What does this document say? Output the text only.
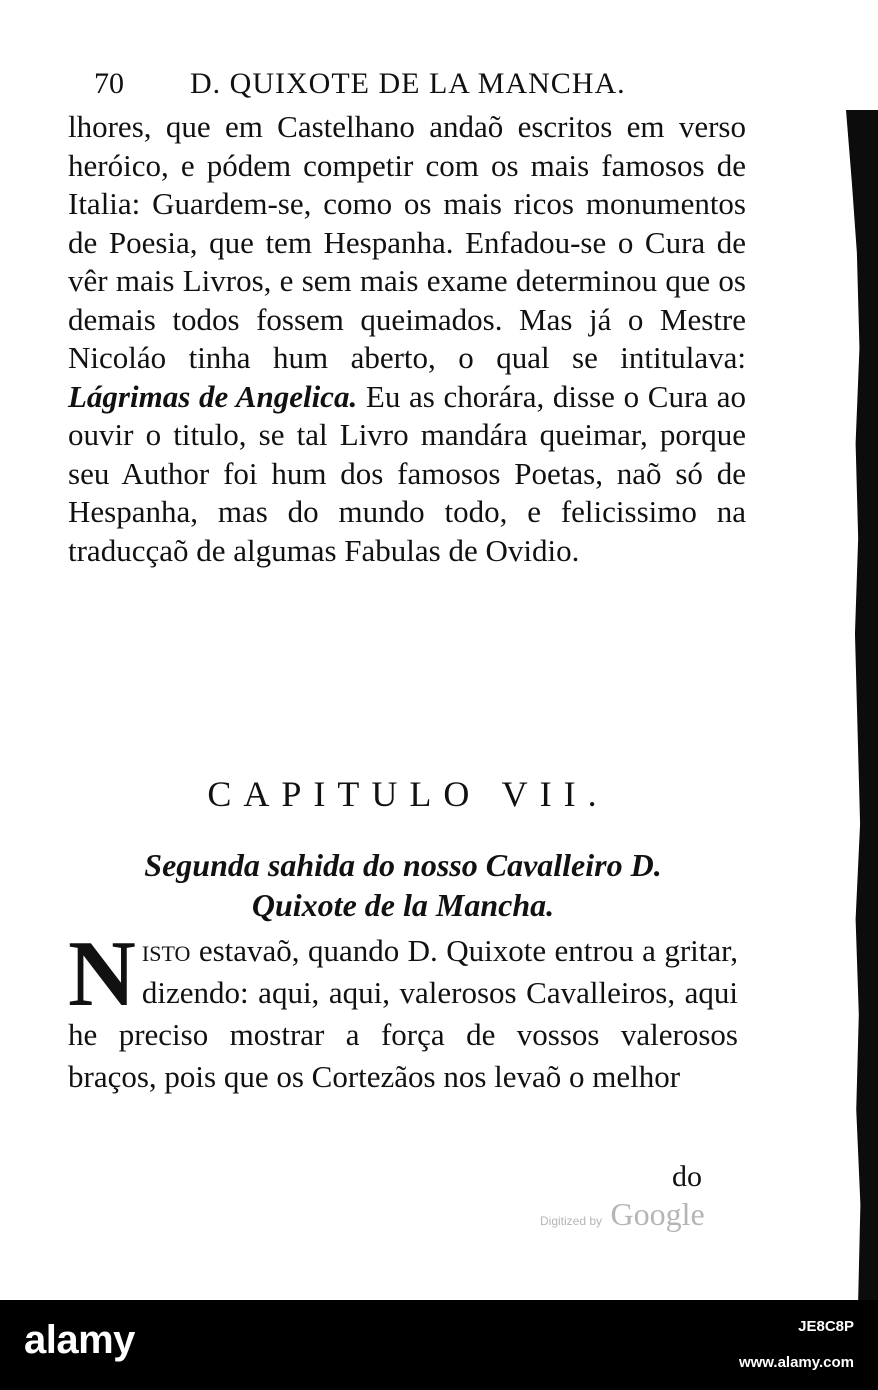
70 D. QUIXOTE DE LA MANCHA.

lhores, que em Castelhano andaõ escritos em verso heróico, e pódem competir com os mais famosos de Italia: Guardem-se, como os mais ricos monumentos de Poesia, que tem Hespanha. Enfadou-se o Cura de vêr mais Livros, e sem mais exame determinou que os demais todos fossem queimados. Mas já o Mestre Nicoláo tinha hum aberto, o qual se intitulava: Lágrimas de Angelica. Eu as chorára, disse o Cura ao ouvir o titulo, se tal Livro mandára queimar, porque seu Author foi hum dos famosos Poetas, naõ só de Hespanha, mas do mundo todo, e felicissimo na traducçaõ de algumas Fabulas de Ovidio.

CAPITULO VII.
Segunda sahida do nosso Cavalleiro D.
Quixote de la Mancha.

N isto estavaõ, quando D. Quixote entrou a gritar, dizendo: aqui, aqui, valerosos Cavalleiros, aqui he preciso mostrar a força de vossos valerosos braços, pois que os Cortezãos nos levaõ o melhor

do
Digitized by Google
alamy	JE8C8P
www.alamy.com
